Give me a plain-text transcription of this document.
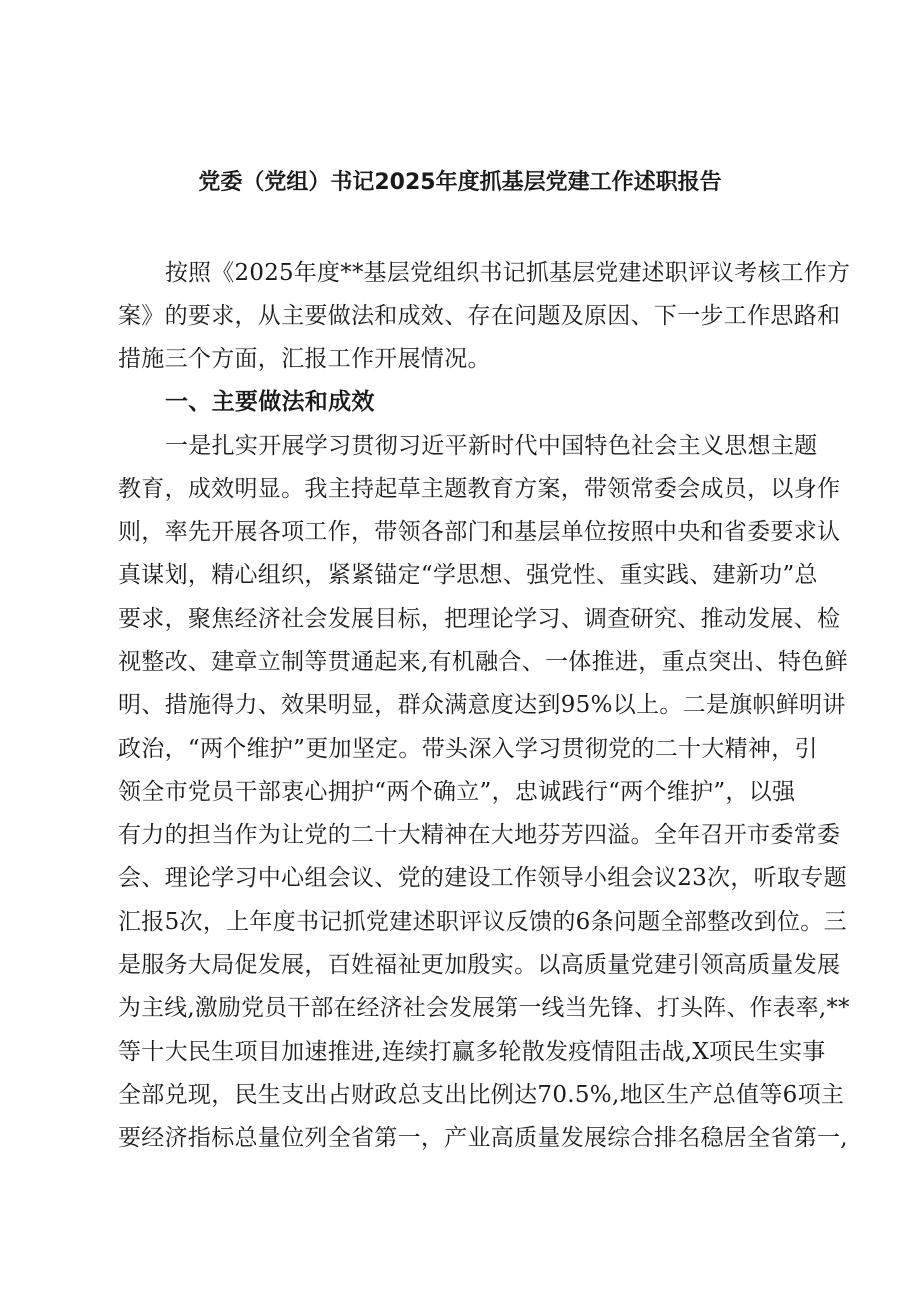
党委（党组）书记2025年度抓基层党建工作述职报告
按照《2025年度**基层党组织书记抓基层党建述职评议考核工作方
案》的要求，从主要做法和成效、存在问题及原因、下一步工作思路和
措施三个方面，汇报工作开展情况。
一、主要做法和成效
一是扎实开展学习贯彻习近平新时代中国特色社会主义思想主题
教育，成效明显。我主持起草主题教育方案，带领常委会成员，以身作
则，率先开展各项工作，带领各部门和基层单位按照中央和省委要求认
真谋划，精心组织，紧紧锚定“学思想、强党性、重实践、建新功”总
要求，聚焦经济社会发展目标，把理论学习、调查研究、推动发展、检
视整改、建章立制等贯通起来,有机融合、一体推进，重点突出、特色鲜
明、措施得力、效果明显，群众满意度达到95%以上。二是旗帜鲜明讲
政治，“两个维护”更加坚定。带头深入学习贯彻党的二十大精神，引
领全市党员干部衷心拥护“两个确立”，忠诚践行“两个维护”，以强
有力的担当作为让党的二十大精神在大地芬芳四溢。全年召开市委常委
会、理论学习中心组会议、党的建设工作领导小组会议23次，听取专题
汇报5次，上年度书记抓党建述职评议反馈的6条问题全部整改到位。三
是服务大局促发展，百姓福祉更加殷实。以高质量党建引领高质量发展
为主线,激励党员干部在经济社会发展第一线当先锋、打头阵、作表率,**
等十大民生项目加速推进,连续打赢多轮散发疫情阻击战,X项民生实事
全部兑现，民生支出占财政总支出比例达70.5%,地区生产总值等6项主
要经济指标总量位列全省第一，产业高质量发展综合排名稳居全省第一,
